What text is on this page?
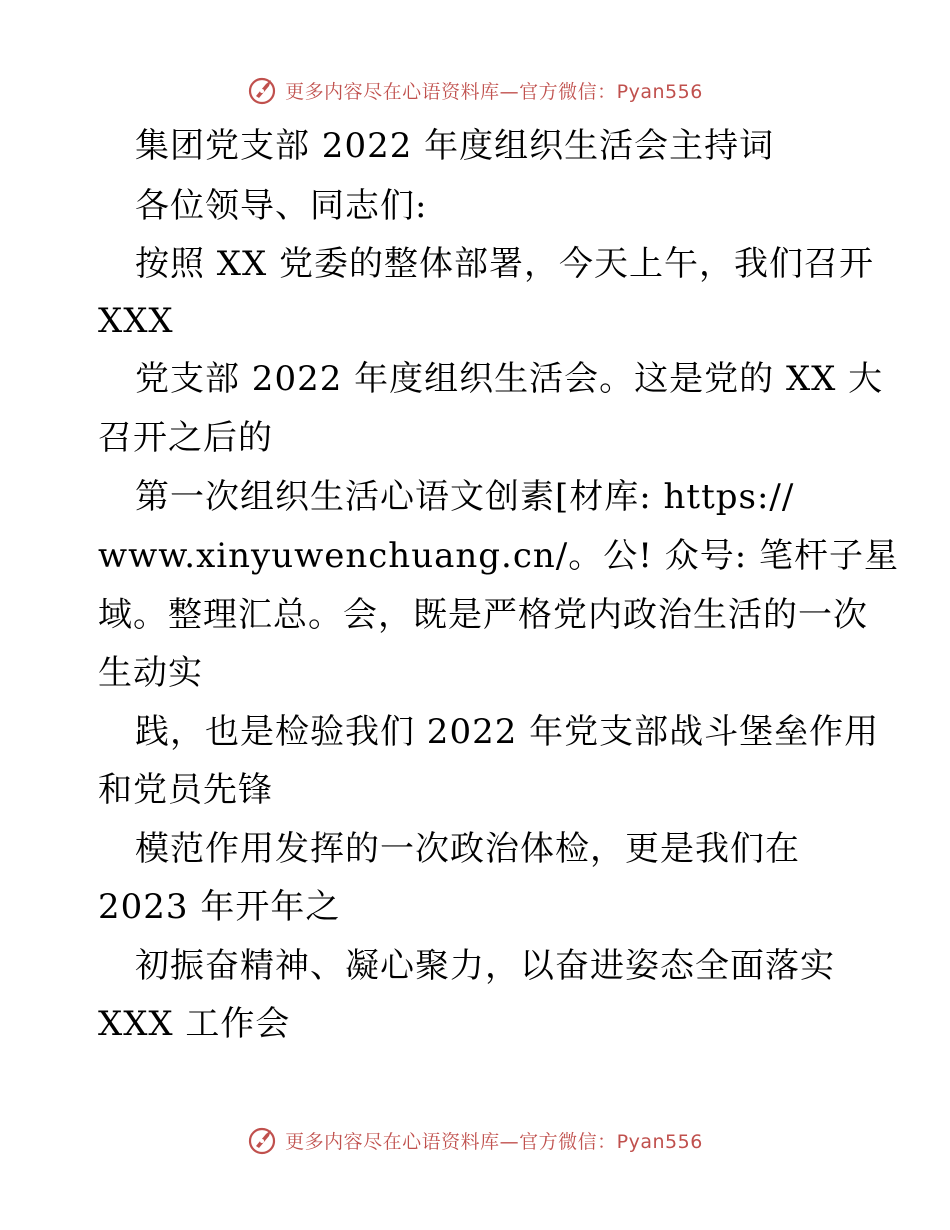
更多内容尽在心语资料库—官方微信：Pyan556
集团党支部 2022 年度组织生活会主持词
各位领导、同志们:
按照 XX 党委的整体部署，今天上午，我们召开
XXX
党支部 2022 年度组织生活会。这是党的 XX 大
召开之后的
第一次组织生活心语文创素[材库: https://
www.xinyuwenchuang.cn/。公! 众号: 笔杆子星
域。整理汇总。会，既是严格党内政治生活的一次
生动实
践，也是检验我们 2022 年党支部战斗堡垒作用
和党员先锋
模范作用发挥的一次政治体检，更是我们在
2023 年开年之
初振奋精神、凝心聚力，以奋进姿态全面落实
XXX 工作会
更多内容尽在心语资料库—官方微信：Pyan556
